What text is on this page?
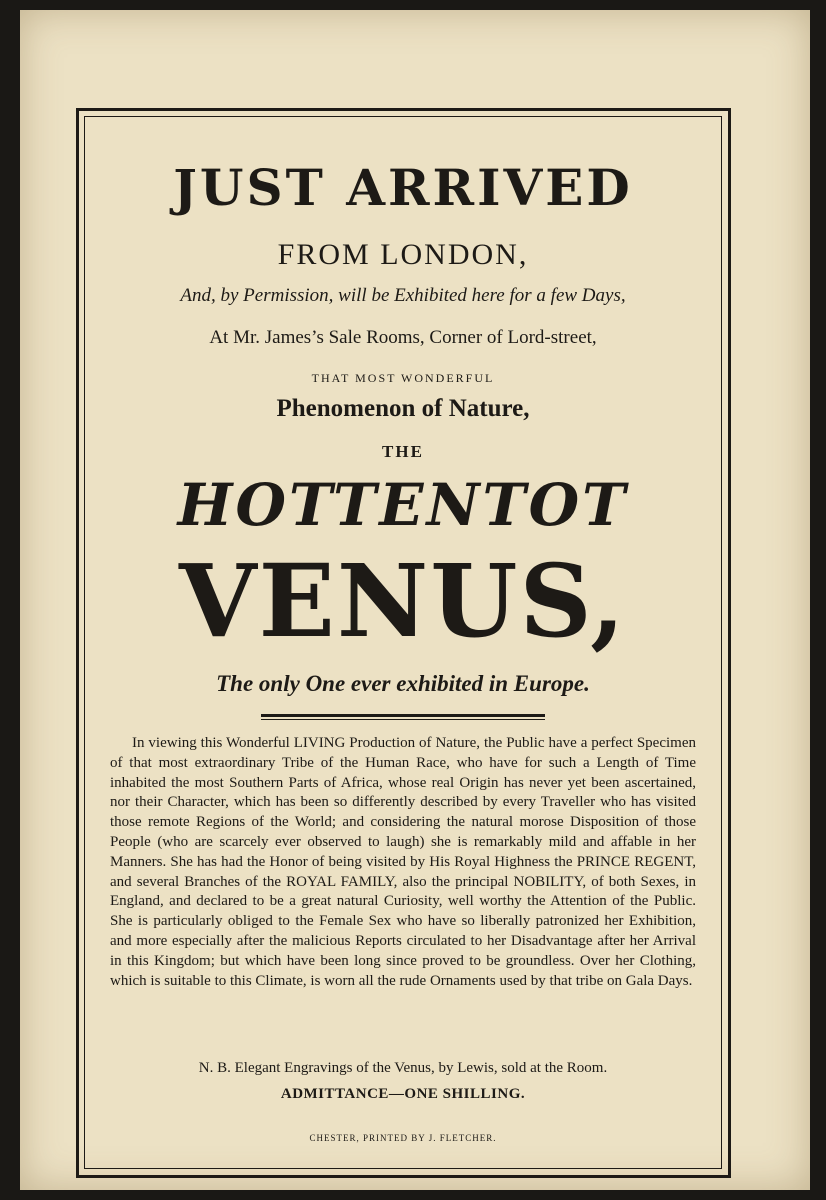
JUST ARRIVED
FROM LONDON,
And, by Permission, will be Exhibited here for a few Days,
At Mr. James’s Sale Rooms, Corner of Lord-street,
THAT MOST WONDERFUL
Phenomenon of Nature,
THE
HOTTENTOT
VENUS,
The only One ever exhibited in Europe.
In viewing this Wonderful LIVING Production of Nature, the Public have a perfect Specimen of that most extraordinary Tribe of the Human Race, who have for such a Length of Time inhabited the most Southern Parts of Africa, whose real Origin has never yet been ascertained, nor their Character, which has been so differently described by every Traveller who has visited those remote Regions of the World; and considering the natural morose Disposition of those People (who are scarcely ever observed to laugh) she is remarkably mild and affable in her Manners. She has had the Honor of being visited by His Royal Highness the PRINCE REGENT, and several Branches of the ROYAL FAMILY, also the principal NOBILITY, of both Sexes, in England, and declared to be a great natural Curiosity, well worthy the Attention of the Public. She is particularly obliged to the Female Sex who have so liberally patronized her Exhibition, and more especially after the malicious Reports circulated to her Disadvantage after her Arrival in this Kingdom; but which have been long since proved to be groundless. Over her Clothing, which is suitable to this Climate, is worn all the rude Ornaments used by that tribe on Gala Days.
N. B. Elegant Engravings of the Venus, by Lewis, sold at the Room.
ADMITTANCE—ONE SHILLING.
CHESTER, PRINTED BY J. FLETCHER.
